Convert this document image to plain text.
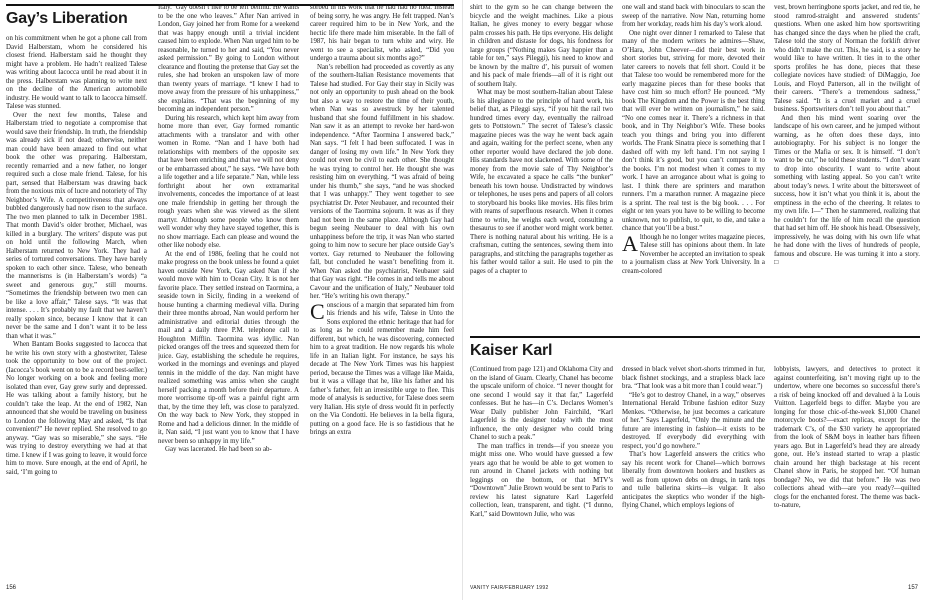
Gay’s Liberation

on his commitment when he got a phone call from David Halberstam, whom he considered his closest friend. Halberstam said he thought they might have a problem. He hadn’t realized Talese was writing about Iacocca until he read about it in the press. Halberstam was planning to write next on the decline of the American automobile industry. He would want to talk to Iacocca himself. Talese was stunned.

Over the next few months, Talese and Halberstam tried to negotiate a compromise that would save their friendship. In truth, the friendship was already sick if not dead; otherwise, neither man could have been amazed to find out what book the other was preparing. Halberstam, recently remarried and a new father, no longer required such a close male friend. Talese, for his part, sensed that Halberstam was drawing back from the noxious mix of lucre and notoriety of Thy Neighbor’s Wife. A competitiveness that always bubbled dangerously had now risen to the surface. The two men planned to talk in December 1981. That month David’s older brother, Michael, was killed in a burglary. The writers’ dispute was put on hold until the following March, when Halberstam returned to New York. They had a series of tortured conversations. They have barely spoken to each other since. Talese, who beneath the mannerisms is (in Halberstam’s words) “a sweet and generous guy,” still mourns. “Sometimes the friendship between two men can be like a love affair,” Talese says. “It was that intense. . . . It’s probably my fault that we haven’t really spoken since, because I know that it can never be the same and I don’t want it to be less than what it was.”

When Bantam Books suggested to Iacocca that he write his own story with a ghostwriter, Talese took the opportunity to bow out of the project. (Iacocca’s book went on to be a record best-seller.) No longer working on a book and feeling more isolated than ever, Gay grew surly and depressed. He was talking about a family history, but he couldn’t take the leap. At the end of 1982, Nan announced that she would be traveling on business to London the following May and asked, “Is that convenient?” He never replied. She resolved to go anyway. “Gay was so miserable,” she says. “He was trying to destroy everything we had at that time. I knew if I was going to leave, it would force him to move. Sure enough, at the end of April, he said, ‘I’m going to

Italy.’ Gay doesn’t like to be left behind. He wants to be the one who leaves.” After Nan arrived in London, Gay joined her from Rome for a weekend that was happy enough until a trivial incident caused him to explode. When Nan urged him to be reasonable, he turned to her and said, “You never asked permission.” By going to London without clearance and flouting the pretense that Gay set the rules, she had broken an unspoken law of more than twenty years of marriage. “I knew I had to move away from the pressure of his unhappiness,” she explains. “That was the beginning of my becoming an independent person.”

During his research, which kept him away from home more than ever, Gay formed romantic attachments with a translator and with other women in Rome. “Nan and I have both had relationships with members of the opposite sex that have been enriching and that we will not deny or be embarrassed about,” he says. “We have both a life together and a life separate.” Nan, while less forthright about her own extramarital involvements, concedes the importance of at least one male friendship in getting her through the rough years when she was viewed as the silent martyr. Although some people who know them well wonder why they have stayed together, this is no show marriage. Each can please and wound the other like nobody else.

At the end of 1986, feeling that he could not make progress on the book unless he found a quiet haven outside New York, Gay asked Nan if she would move with him to Ocean City. It is not her favorite place. They settled instead on Taormina, a seaside town in Sicily, finding in a weekend of house hunting a charming medieval villa. During their three months abroad, Nan would perform her administrative and editorial duties through the mail and a daily three P.M. telephone call to Houghton Mifflin. Taormina was idyllic. Nan picked oranges off the trees and squeezed them for juice. Gay, establishing the schedule he requires, worked in the mornings and evenings and played tennis in the middle of the day. Nan might have realized something was amiss when she caught herself packing a month before their departure. A more worrisome tip-off was a painful right arm that, by the time they left, was close to paralyzed. On the way back to New York, they stopped in Rome and had a delicious dinner. In the middle of it, Nan said, “I just want you to know that I have never been so unhappy in my life.”

Gay was lacerated. He had been so ab-

sorbed in his work that he had had no idea. Instead of being sorry, he was angry. He felt trapped. Nan’s career required him to be in New York, and the hectic life there made him miserable. In the fall of 1987, his hair began to turn white and wiry. He went to see a specialist, who asked, “Did you undergo a trauma about six months ago?”

Nan’s rebellion had proceeded as covertly as any of the southern-Italian Resistance movements that Talese had studied. For Gay their stay in Sicily was not only an opportunity to push ahead on the book but also a way to restore the time of their youth, when Nan was so awestruck by her talented husband that she found fulfillment in his shadow. Nan saw it as an attempt to revoke her hard-won independence. “After Taormina I answered back,” Nan says. “I felt I had been suffocated. I was in danger of losing my own life.” In New York they could not even be civil to each other. She thought he was trying to control her. He thought she was resisting him on everything. “I was afraid of being under his thumb,” she says, “and he was shocked that I was unhappy.” They went together to see psychiatrist Dr. Peter Neubauer, and recounted their versions of the Taormina sojourn. It was as if they had not been in the same place. Although Gay had begun seeing Neubauer to deal with his own unhappiness before the trip, it was Nan who started going to him now to secure her place outside Gay’s vortex. Gay returned to Neubauer the following fall, but concluded he wasn’t benefiting from it. When Nan asked the psychiatrist, Neubauer said that Gay was right. “He comes in and tells me about Cavour and the unification of Italy,” Neubauer told her. “He’s writing his own therapy.”

Conscious of a margin that separated him from his friends and his wife, Talese in Unto the Sons explored the ethnic heritage that had for as long as he could remember made him feel different, but which, he was discovering, connected him to a great tradition. He now regards his whole life in an Italian light. For instance, he says his decade at The New York Times was his happiest period, because the Times was a village like Maida, but it was a village that he, like his father and his father’s father, felt an irresistible urge to flee. This mode of analysis is seductive, for Talese does seem very Italian. His style of dress would fit in perfectly on the Via Condotti. He believes in la bella figura, putting on a good face. He is so fastidious that he brings an extra

156

shirt to the gym so he can change between the bicycle and the weight machines. Like a pious Italian, he gives money to every beggar whose palm crosses his path. He tips everyone. His delight in children and distaste for dogs, his fondness for large groups (“Nothing makes Gay happier than a table for ten,” says Pileggi), his need to know and be known by the maître d’, his pursuit of women and his pack of male friends—all of it is right out of southern Italy.

What may be most southern-Italian about Talese is his allegiance to the principle of hard work, his belief that, as Pileggi says, “if you hit the rail two hundred times every day, eventually the railroad gets to Pottstown.” The secret of Talese’s classic magazine pieces was the way he went back again and again, waiting for the perfect scene, when any other reporter would have declared the job done. His standards have not slackened. With some of the money from the movie sale of Thy Neighbor’s Wife, he excavated a space he calls “the bunker” beneath his town house. Undistracted by windows or telephones, he uses pens and papers of all colors to storyboard his books like movies. His files brim with reams of superfluous research. When it comes time to write, he weighs each word, consulting a thesaurus to see if another word might work better. There is nothing natural about his writing. He is a craftsman, cutting the sentences, sewing them into paragraphs, and stitching the paragraphs together as his father would tailor a suit. He used to pin the pages of a chapter to

one wall and stand back with binoculars to scan the sweep of the narrative. Now Nan, returning home from her workday, reads him his day’s work aloud.

One night over dinner I remarked to Talese that many of the modern writers he admires—Shaw, O’Hara, John Cheever—did their best work in short stories but, striving for more, devoted their later careers to novels that fell short. Could it be that Talese too would be remembered more for the early magazine pieces than for these books that have cost him so much effort? He pounced. “My book The Kingdom and the Power is the best thing that will ever be written on journalism,” he said. “No one comes near it. There’s a richness in that book, and in Thy Neighbor’s Wife. These books teach you things and bring you into different worlds. The Frank Sinatra piece is something that I dashed off with my left hand. I’m not saying I don’t think it’s good, but you can’t compare it to the books. I’m not modest when it comes to my work. I have an arrogance about what is going to last. I think there are sprinters and marathon runners. I’m a marathon runner. A magazine piece is a sprint. The real test is the big book. . . . For eight or ten years you have to be willing to become unknown, not to publish, to quit, to die, and take a chance that you’ll be a bust.”

Although he no longer writes magazine pieces, Talese still has opinions about them. In late November he accepted an invitation to speak to a journalism class at New York University. In a cream-colored

vest, brown herringbone sports jacket, and red tie, he stood ramrod-straight and answered students’ questions. When one asked him how sportswriting has changed since the days when he plied the craft, Talese told the story of Norman the forklift driver who didn’t make the cut. This, he said, is a story he would like to have written. It ties in to the other sports profiles he has done, pieces that these collegiate novices have studied: of DiMaggio, Joe Louis, and Floyd Patterson, all in the twilight of their careers. “There’s a tremendous sadness,” Talese said. “It is a cruel market and a cruel business. Sportswriters don’t tell you about that.”

And then his mind went soaring over the landscape of his own career, and he jumped without warning, as he often does these days, into autobiography. For his subject is no longer the Times or the Mafia or sex. It is himself. “I don’t want to be cut,” he told these students. “I don’t want to drop into obscurity. I want to write about something with lasting appeal. So you can’t write about today’s news. I write about the bittersweet of success, how it isn’t what you think it is, about the emptiness in the echo of the cheering. It relates to my own life. I—” Then he stammered, realizing that he couldn’t for the life of him recall the question that had set him off. He shook his head. Obsessively, impressively, he was doing with his own life what he had done with the lives of hundreds of people, famous and obscure. He was turning it into a story. □

Kaiser Karl

(Continued from page 121) and Oklahoma City and on the island of Guam. Clearly, Chanel has become the upscale uniform of choice. “I never thought for one second I would say it that far,” Lagerfeld confesses. But he has—in C’s. Declares Women’s Wear Daily publisher John Fairchild, “Karl Lagerfeld is the designer today with the most influence, the only designer who could bring Chanel to such a peak.”

The man traffics in trends—if you sneeze you might miss one. Who would have guessed a few years ago that he would be able to get women to run around in Chanel jackets with nothing but leggings on the bottom, or that MTV’s “Downtown” Julie Brown would be sent to Paris to review his latest signature Karl Lagerfeld collection, lean, transparent, and tight. (“I dunno, Karl,” said Downtown Julie, who was

dressed in black velvet short-shorts trimmed in fur, black fishnet stockings, and a strapless black lace bra. “That look was a bit more than I could wear.”)

“He’s got to destroy Chanel, in a way,” observes International Herald Tribune fashion editor Suzy Menkes. “Otherwise, he just becomes a caricature of her.” Says Lagerfeld, “Only the minute and the future are interesting in fashion—it exists to be destroyed. If everybody did everything with respect, you’d go nowhere.”

That’s how Lagerfeld answers the critics who say his recent work for Chanel—which borrows liberally from downtown hookers and hustlers as well as from uptown debs on drugs, in tank tops and tulle ballerina skirts—is vulgar. It also anticipates the skeptics who wonder if the high-flying Chanel, which employs legions of

lobbyists, lawyers, and detectives to protect it against counterfeiting, isn’t moving right up to the undertow, where one becomes so successful there’s a risk of being knocked off and devalued à la Louis Vuitton. Lagerfeld begs to differ. Maybe you are longing for those chic-of-the-week $1,000 Chanel motorcycle boots?—exact replicas, except for the trademark C’s, of the $30 variety he appropriated from the look of S&M boys in leather bars fifteen years ago. But in Lagerfeld’s head they are already gone, out. He’s instead started to wrap a plastic chain around her thigh backstage at his recent Chanel show in Paris, he stopped her. “Of human bondage? No, we did that before.” He was two collections ahead with—are you ready?—quilted clogs for the enchanted forest. The theme was back-to-nature,

VANITY FAIR/FEBRUARY 1992	157
